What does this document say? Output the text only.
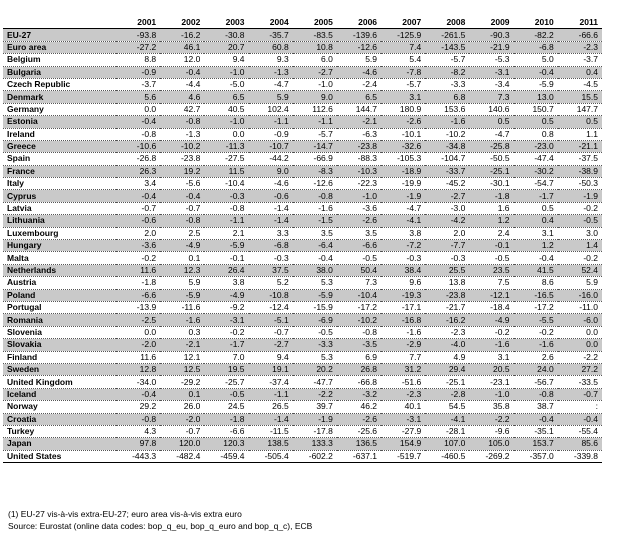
	2001	2002	2003	2004	2005	2006	2007	2008	2009	2010	2011
EU-27	-93.8	-16.2	-30.8	-35.7	-83.5	-139.6	-125.9	-261.5	-90.3	-82.2	-66.6
Euro area	-27.2	46.1	20.7	60.8	10.8	-12.6	7.4	-143.5	-21.9	-6.8	-2.3
Belgium	8.8	12.0	9.4	9.3	6.0	5.9	5.4	-5.7	-5.3	5.0	-3.7
Bulgaria	-0.9	-0.4	-1.0	-1.3	-2.7	-4.6	-7.8	-8.2	-3.1	-0.4	0.4
Czech Republic	-3.7	-4.4	-5.0	-4.7	-1.0	-2.4	-5.7	-3.3	-3.4	-5.9	-4.5
Denmark	5.6	4.6	6.5	5.9	9.0	6.5	3.1	6.8	7.3	13.0	15.5
Germany	0.0	42.7	40.5	102.4	112.6	144.7	180.9	153.6	140.6	150.7	147.7
Estonia	-0.4	-0.8	-1.0	-1.1	-1.1	-2.1	-2.6	-1.6	0.5	0.5	0.5
Ireland	-0.8	-1.3	0.0	-0.9	-5.7	-6.3	-10.1	-10.2	-4.7	0.8	1.1
Greece	-10.6	-10.2	-11.3	-10.7	-14.7	-23.8	-32.6	-34.8	-25.8	-23.0	-21.1
Spain	-26.8	-23.8	-27.5	-44.2	-66.9	-88.3	-105.3	-104.7	-50.5	-47.4	-37.5
France	26.3	19.2	11.5	9.0	-8.3	-10.3	-18.9	-33.7	-25.1	-30.2	-38.9
Italy	3.4	-5.6	-10.4	-4.6	-12.6	-22.3	-19.9	-45.2	-30.1	-54.7	-50.3
Cyprus	-0.4	-0.4	-0.3	-0.6	-0.8	-1.0	-1.9	-2.7	-1.8	-1.7	-1.9
Latvia	-0.7	-0.7	-0.8	-1.4	-1.6	-3.6	-4.7	-3.0	1.6	0.5	-0.2
Lithuania	-0.6	-0.8	-1.1	-1.4	-1.5	-2.6	-4.1	-4.2	1.2	0.4	-0.5
Luxembourg	2.0	2.5	2.1	3.3	3.5	3.5	3.8	2.0	2.4	3.1	3.0
Hungary	-3.6	-4.9	-5.9	-6.8	-6.4	-6.6	-7.2	-7.7	-0.1	1.2	1.4
Malta	-0.2	0.1	-0.1	-0.3	-0.4	-0.5	-0.3	-0.3	-0.5	-0.4	-0.2
Netherlands	11.6	12.3	26.4	37.5	38.0	50.4	38.4	25.5	23.5	41.5	52.4
Austria	-1.8	5.9	3.8	5.2	5.3	7.3	9.6	13.8	7.5	8.6	5.9
Poland	-6.6	-5.9	-4.9	-10.8	-5.9	-10.4	-19.3	-23.8	-12.1	-16.5	-16.0
Portugal	-13.9	-11.6	-9.2	-12.4	-15.9	-17.2	-17.1	-21.7	-18.4	-17.2	-11.0
Romania	-2.5	-1.6	-3.1	-5.1	-6.9	-10.2	-16.8	-16.2	-4.9	-5.5	-6.0
Slovenia	0.0	0.3	-0.2	-0.7	-0.5	-0.8	-1.6	-2.3	-0.2	-0.2	0.0
Slovakia	-2.0	-2.1	-1.7	-2.7	-3.3	-3.5	-2.9	-4.0	-1.6	-1.6	0.0
Finland	11.6	12.1	7.0	9.4	5.3	6.9	7.7	4.9	3.1	2.6	-2.2
Sweden	12.8	12.5	19.5	19.1	20.2	26.8	31.2	29.4	20.5	24.0	27.2
United Kingdom	-34.0	-29.2	-25.7	-37.4	-47.7	-66.8	-51.6	-25.1	-23.1	-56.7	-33.5
Iceland	-0.4	0.1	-0.5	-1.1	-2.2	-3.2	-2.3	-2.8	-1.0	-0.8	-0.7
Norway	29.2	26.0	24.5	26.5	39.7	46.2	40.1	54.5	35.8	38.7	:
Croatia	-0.8	-2.0	-1.8	-1.4	-1.9	-2.6	-3.1	-4.1	-2.2	-0.4	-0.4
Turkey	4.3	-0.7	-6.6	-11.5	-17.8	-25.6	-27.9	-28.1	-9.6	-35.1	-55.4
Japan	97.8	120.0	120.3	138.5	133.3	136.5	154.9	107.0	105.0	153.7	85.6
United States	-443.3	-482.4	-459.4	-505.4	-602.2	-637.1	-519.7	-460.5	-269.2	-357.0	-339.8
(1) EU-27 vis-à-vis extra-EU-27; euro area vis-à-vis extra euro
Source: Eurostat (online data codes: bop_q_eu, bop_q_euro and bop_q_c), ECB
